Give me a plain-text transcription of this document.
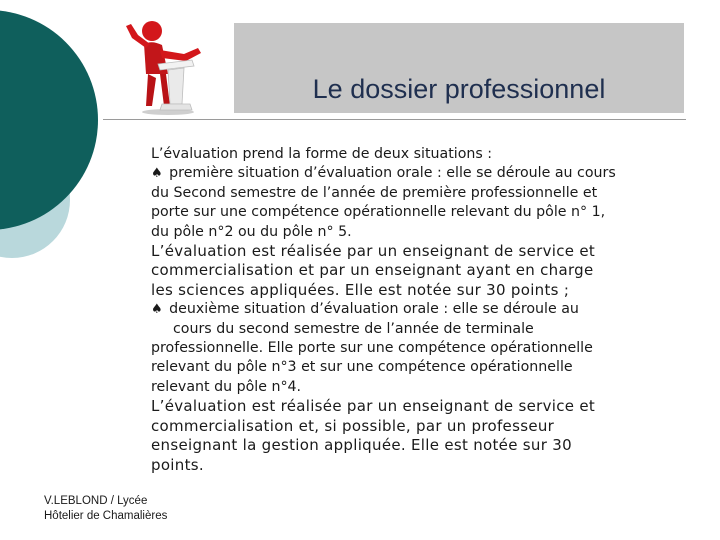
Le dossier professionnel

L’évaluation prend la forme de deux situations :

♠ première situation d’évaluation orale : elle se déroule au cours

du Second semestre de l’année de première professionnelle et

porte sur une compétence opérationnelle relevant du pôle n° 1,

du pôle n°2 ou du pôle n° 5.

L’évaluation est réalisée par un enseignant de service et

commercialisation et par un enseignant ayant en charge

les sciences appliquées. Elle est notée sur 30 points ;

♠ deuxième situation d’évaluation orale : elle se déroule au

cours du second semestre de l’année de terminale

professionnelle. Elle porte sur une compétence opérationnelle

relevant du pôle n°3 et sur une compétence opérationnelle

relevant du pôle n°4.

L’évaluation est réalisée par un enseignant de service et

commercialisation et, si possible, par un professeur

enseignant la gestion appliquée. Elle est notée sur 30

points.

V.LEBLOND / Lycée
Hôtelier de Chamalières
